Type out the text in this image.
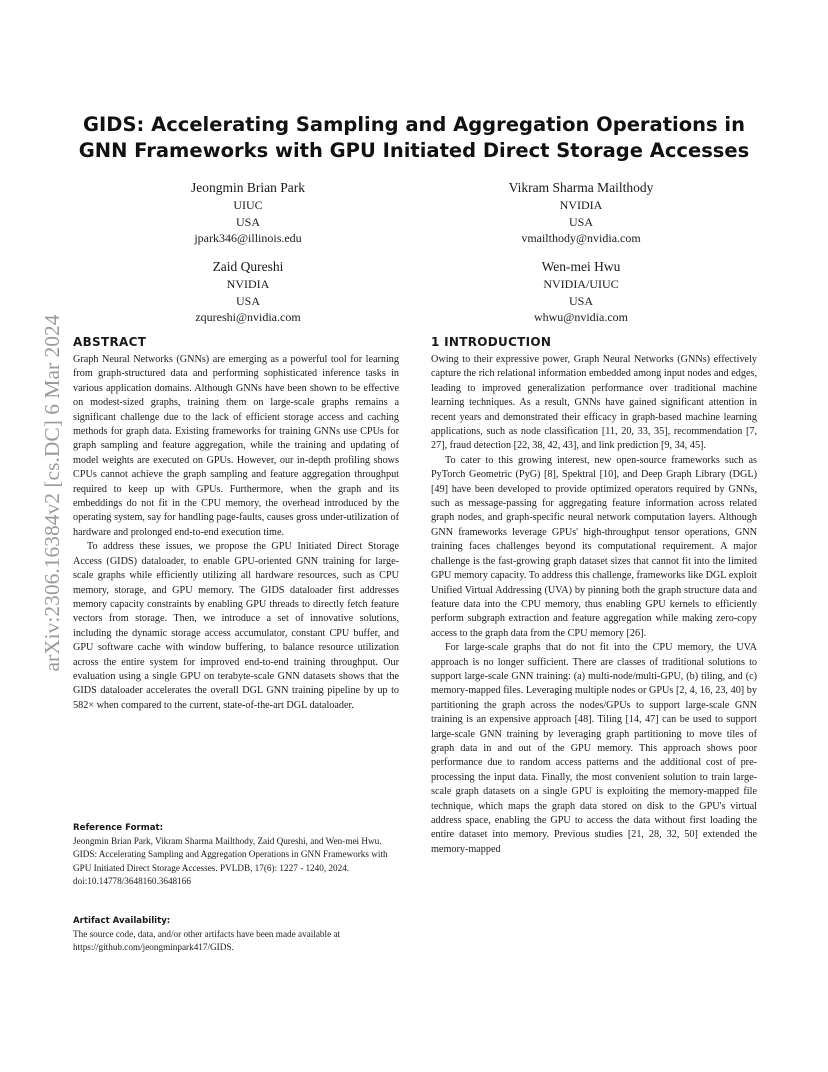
arXiv:2306.16384v2 [cs.DC] 6 Mar 2024
GIDS: Accelerating Sampling and Aggregation Operations in
GNN Frameworks with GPU Initiated Direct Storage Accesses
Jeongmin Brian Park
UIUC
USA
jpark346@illinois.edu
Vikram Sharma Mailthody
NVIDIA
USA
vmailthody@nvidia.com
Zaid Qureshi
NVIDIA
USA
zqureshi@nvidia.com
Wen-mei Hwu
NVIDIA/UIUC
USA
whwu@nvidia.com
ABSTRACT

Graph Neural Networks (GNNs) are emerging as a powerful tool for learning from graph-structured data and performing sophisticated inference tasks in various application domains. Although GNNs have been shown to be effective on modest-sized graphs, training them on large-scale graphs remains a significant challenge due to the lack of efficient storage access and caching methods for graph data. Existing frameworks for training GNNs use CPUs for graph sampling and feature aggregation, while the training and updating of model weights are executed on GPUs. However, our in-depth profiling shows CPUs cannot achieve the graph sampling and feature aggregation throughput required to keep up with GPUs. Furthermore, when the graph and its embeddings do not fit in the CPU memory, the overhead introduced by the operating system, say for handling page-faults, causes gross under-utilization of hardware and prolonged end-to-end execution time.

To address these issues, we propose the GPU Initiated Direct Storage Access (GIDS) dataloader, to enable GPU-oriented GNN training for large-scale graphs while efficiently utilizing all hardware resources, such as CPU memory, storage, and GPU memory. The GIDS dataloader first addresses memory capacity constraints by enabling GPU threads to directly fetch feature vectors from storage. Then, we introduce a set of innovative solutions, including the dynamic storage access accumulator, constant CPU buffer, and GPU software cache with window buffering, to balance resource utilization across the entire system for improved end-to-end training throughput. Our evaluation using a single GPU on terabyte-scale GNN datasets shows that the GIDS dataloader accelerates the overall DGL GNN training pipeline by up to 582× when compared to the current, state-of-the-art DGL dataloader.

Reference Format:

Jeongmin Brian Park, Vikram Sharma Mailthody, Zaid Qureshi, and Wen-mei Hwu. GIDS: Accelerating Sampling and Aggregation Operations in GNN Frameworks with GPU Initiated Direct Storage Accesses. PVLDB, 17(6): 1227 - 1240, 2024.

doi:10.14778/3648160.3648166

Artifact Availability:

The source code, data, and/or other artifacts have been made available at https://github.com/jeongminpark417/GIDS.

1 INTRODUCTION

Owing to their expressive power, Graph Neural Networks (GNNs) effectively capture the rich relational information embedded among input nodes and edges, leading to improved generalization performance over traditional machine learning techniques. As a result, GNNs have gained significant attention in recent years and demonstrated their efficacy in graph-based machine learning applications, such as node classification [11, 20, 33, 35], recommendation [7, 27], fraud detection [22, 38, 42, 43], and link prediction [9, 34, 45].

To cater to this growing interest, new open-source frameworks such as PyTorch Geometric (PyG) [8], Spektral [10], and Deep Graph Library (DGL) [49] have been developed to provide optimized operators required by GNNs, such as message-passing for aggregating feature information across related graph nodes, and graph-specific neural network computation layers. Although GNN frameworks leverage GPUs' high-throughput tensor operations, GNN training faces challenges beyond its computational requirement. A major challenge is the fast-growing graph dataset sizes that cannot fit into the limited GPU memory capacity. To address this challenge, frameworks like DGL exploit Unified Virtual Addressing (UVA) by pinning both the graph structure data and feature data into the CPU memory, thus enabling GPU kernels to efficiently perform subgraph extraction and feature aggregation while making zero-copy access to the graph data from the CPU memory [26].

For large-scale graphs that do not fit into the CPU memory, the UVA approach is no longer sufficient. There are classes of traditional solutions to support large-scale GNN training: (a) multi-node/multi-GPU, (b) tiling, and (c) memory-mapped files. Leveraging multiple nodes or GPUs [2, 4, 16, 23, 40] by partitioning the graph across the nodes/GPUs to support large-scale GNN training is an expensive approach [48]. Tiling [14, 47] can be used to support large-scale GNN training by leveraging graph partitioning to move tiles of graph data in and out of the GPU memory. This approach shows poor performance due to random access patterns and the additional cost of pre-processing the input data. Finally, the most convenient solution to train large-scale graph datasets on a single GPU is exploiting the memory-mapped file technique, which maps the graph data stored on disk to the GPU's virtual address space, enabling the GPU to access the data without first loading the entire dataset into memory. Previous studies [21, 28, 32, 50] extended the memory-mapped
